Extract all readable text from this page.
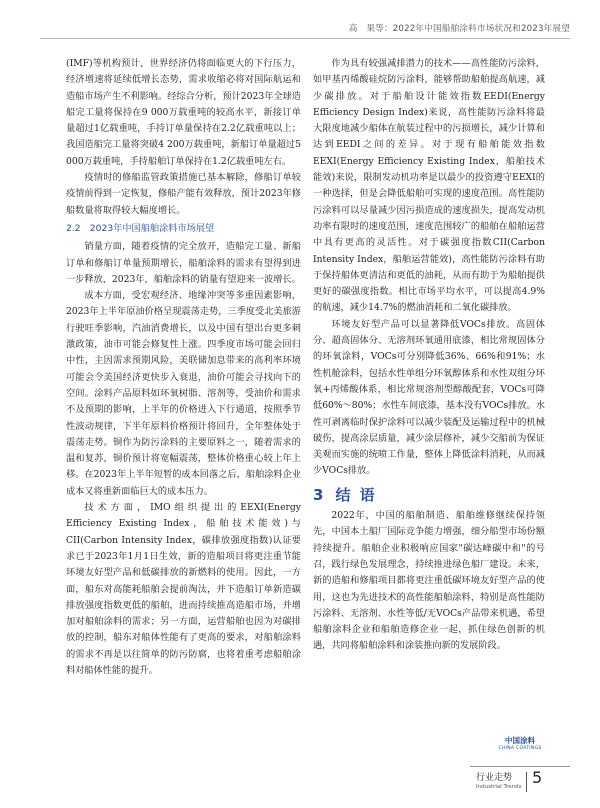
高　果等：2022年中国船舶涂料市场状况和2023年展望

(IMF)等机构预计，世界经济仍将面临更大的下行压力，经济增速将延续低增长态势，需求收缩必将对国际航运和造船市场产生不利影响。经综合分析，预计2023年全球造船完工量将保持在9 000万载重吨的较高水平，新接订单量超过1亿载重吨，手持订单量保持在2.2亿载重吨以上；我国造船完工量将突破4 200万载重吨，新船订单量超过5 000万载重吨，手持船舶订单保持在1.2亿载重吨左右。

疫情时的修船监管政策措施已基本解除，修船订单较疫情前得到一定恢复，修船产能有效释放，预计2023年修船数量将取得较大幅度增长。

2.2　2023年中国船舶涂料市场展望

销量方面，随着疫情的完全放开，造船完工量、新船订单和修船订单量预期增长，船舶涂料的需求有望得到进一步释放，2023年，船舶涂料的销量有望迎来一波增长。

成本方面，受宏观经济、地缘冲突等多重因素影响，2023年上半年原油价格呈现震荡走势，三季度受北美旅游行驶旺季影响，汽油消费增长，以及中国有望出台更多刺激政策，油市可能会修复性上涨。四季度市场可能会回归中性，主因需求预期风险，美联储加息带来的高利率环境可能会令美国经济更快步入衰退，油价可能会寻找向下的空间。涂料产品原料如环氧树脂、溶剂等，受油价和需求不及预期的影响，上半年的价格进入下行通道，按照季节性波动规律，下半年原料价格预计将回升，全年整体处于震荡走势。铜作为防污涂料的主要原料之一，随着需求的温和复苏，铜价预计将宽幅震荡，整体价格重心较上年上移。在2023年上半年短暂的成本回落之后，船舶涂料企业成本又将重新面临巨大的成本压力。

技术方面，IMO组织提出的EEXI(Energy Efficiency Existing Index，船舶技术能效)与CII(Carbon Intensity Index，碳排放强度指数)认证要求已于2023年1月1日生效，新的造船项目将更注重节能环境友好型产品和低碳排放的新燃料的使用。因此，一方面，船东对高能耗船舶会提前淘汰，并下造船订单新造碳排放强度指数更低的船舶，进而持续推高造船市场，并增加对船舶涂料的需求；另一方面，运营船舶也因为对碳排放的控制，船东对船体性能有了更高的要求，对船舶涂料的需求不再是以往简单的防污防腐，也将着重考虑船舶涂料对船体性能的提升。

作为具有较强减排潜力的技术——高性能防污涂料，如甲基丙烯酸硅烷防污涂料，能够帮助船舶提高航速，减少碳排放。对于船舶设计能效指数EEDI(Energy Efficiency Design Index)来说，高性能防污涂料将最大限度地减少船体在航装过程中的污损增长，减少计算和达到EEDI之间的差异。对于现有船舶能效指数EEXI(Energy Efficiency Existing Index，船舶技术能效)来说，限制发动机功率是以最少的投资遵守EEXI的一种选择，但是会降低船舶可实现的速度范围。高性能防污涂料可以尽量减少因污损造成的速度损失，提高发动机功率有限时的速度范围，速度范围较广的船舶在船舶运营中具有更高的灵活性。对于碳强度指数CII(Carbon Intensity Index，船舶运营能效)，高性能防污涂料有助于保持船体更清洁和更低的油耗，从而有助于为船舶提供更好的碳强度指数。相比市场平均水平，可以提高4.9%的航速，减少14.7%的燃油消耗和二氧化碳排放。

环境友好型产品可以显著降低VOCs排放。高固体分、超高固体分、无溶剂环氧通用底漆，相比常规固体分的环氧涂料，VOCs可分别降低36%、66%和91%；水性机舱涂料，包括水性单组分环氧醇体系和水性双组分环氧+丙烯酸体系，相比常规溶剂型醇酸配套，VOCs可降低60%～80%；水性车间底漆，基本没有VOCs排放。水性可剥离临时保护涂料可以减少装配及运输过程中的机械破伤，提高涂层质量，减少涂层修补，减少交船前为保证美观而实施的统喷工作量，整体上降低涂料消耗，从而减少VOCs排放。

3 结 语

2022年，中国的船舶制造、船舶维修继续保持领先，中国本土船厂国际竞争能力增强，细分船型市场份额持续提升。船舶企业积极响应国家"碳达峰碳中和"的号召，践行绿色发展理念，持续推进绿色船厂建设。未来，新的造船和修船项目都将更注重低碳环境友好型产品的使用，这也为先进技术的高性能船舶涂料，特别是高性能防污涂料、无溶剂、水性等低/无VOCs产品带来机遇，希望船舶涂料企业和船舶造修企业一起，抓住绿色创新的机遇，共同将船舶涂料和涂装推向新的发展阶段。

中国涂料
CHINA COATINGS
行业走势
Industrial Trends 5
